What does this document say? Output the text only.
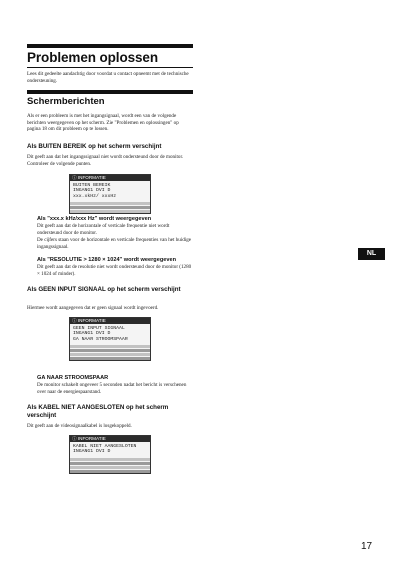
Problemen oplossen
Lees dit gedeelte aandachtig door voordat u contact opneemt met de technische ondersteuning.
Schermberichten
Als er een probleem is met het ingangsignaal, wordt een van de volgende berichten weergegeven op het scherm. Zie "Problemen en oplossingen" op pagina 18 om dit probleem op te lossen.
Als BUITEN BEREIK op het scherm verschijnt
Dit geeft aan dat het ingangssignaal niet wordt ondersteund door de monitor. Controleer de volgende punten.
ⓘ INFORMATIE
BUITEN BEREIK
INGANG1 DVI D
xxx.xkHz/ xxxHz
Als "xxx.x kHz/xxx Hz" wordt weergegeven
Dit geeft aan dat de horizontale of verticale frequentie niet wordt ondersteund door de monitor.
De cijfers staan voor de horizontale en verticale frequenties van het huidige ingangssignaal.
Als "RESOLUTIE > 1280 × 1024" wordt weergegeven
Dit geeft aan dat de resolutie niet wordt ondersteund door de monitor (1280 × 1024 of minder).
Als GEEN INPUT SIGNAAL op het scherm verschijnt
Hiermee wordt aangegeven dat er geen signaal wordt ingevoerd.
ⓘ INFORMATIE
GEEN INPUT SIGNAAL
INGANG1 DVI D
GA NAAR STROOMSPAAR
GA NAAR STROOMSPAAR
De monitor schakelt ongeveer 5 seconden nadat het bericht is verschenen over naar de energiespaarstand.
Als KABEL NIET AANGESLOTEN op het scherm verschijnt
Dit geeft aan de videosignaalkabel is losgekoppeld.
ⓘ INFORMATIE
KABEL NIET AANGESLOTEN
INGANG1 DVI D
NL
17
